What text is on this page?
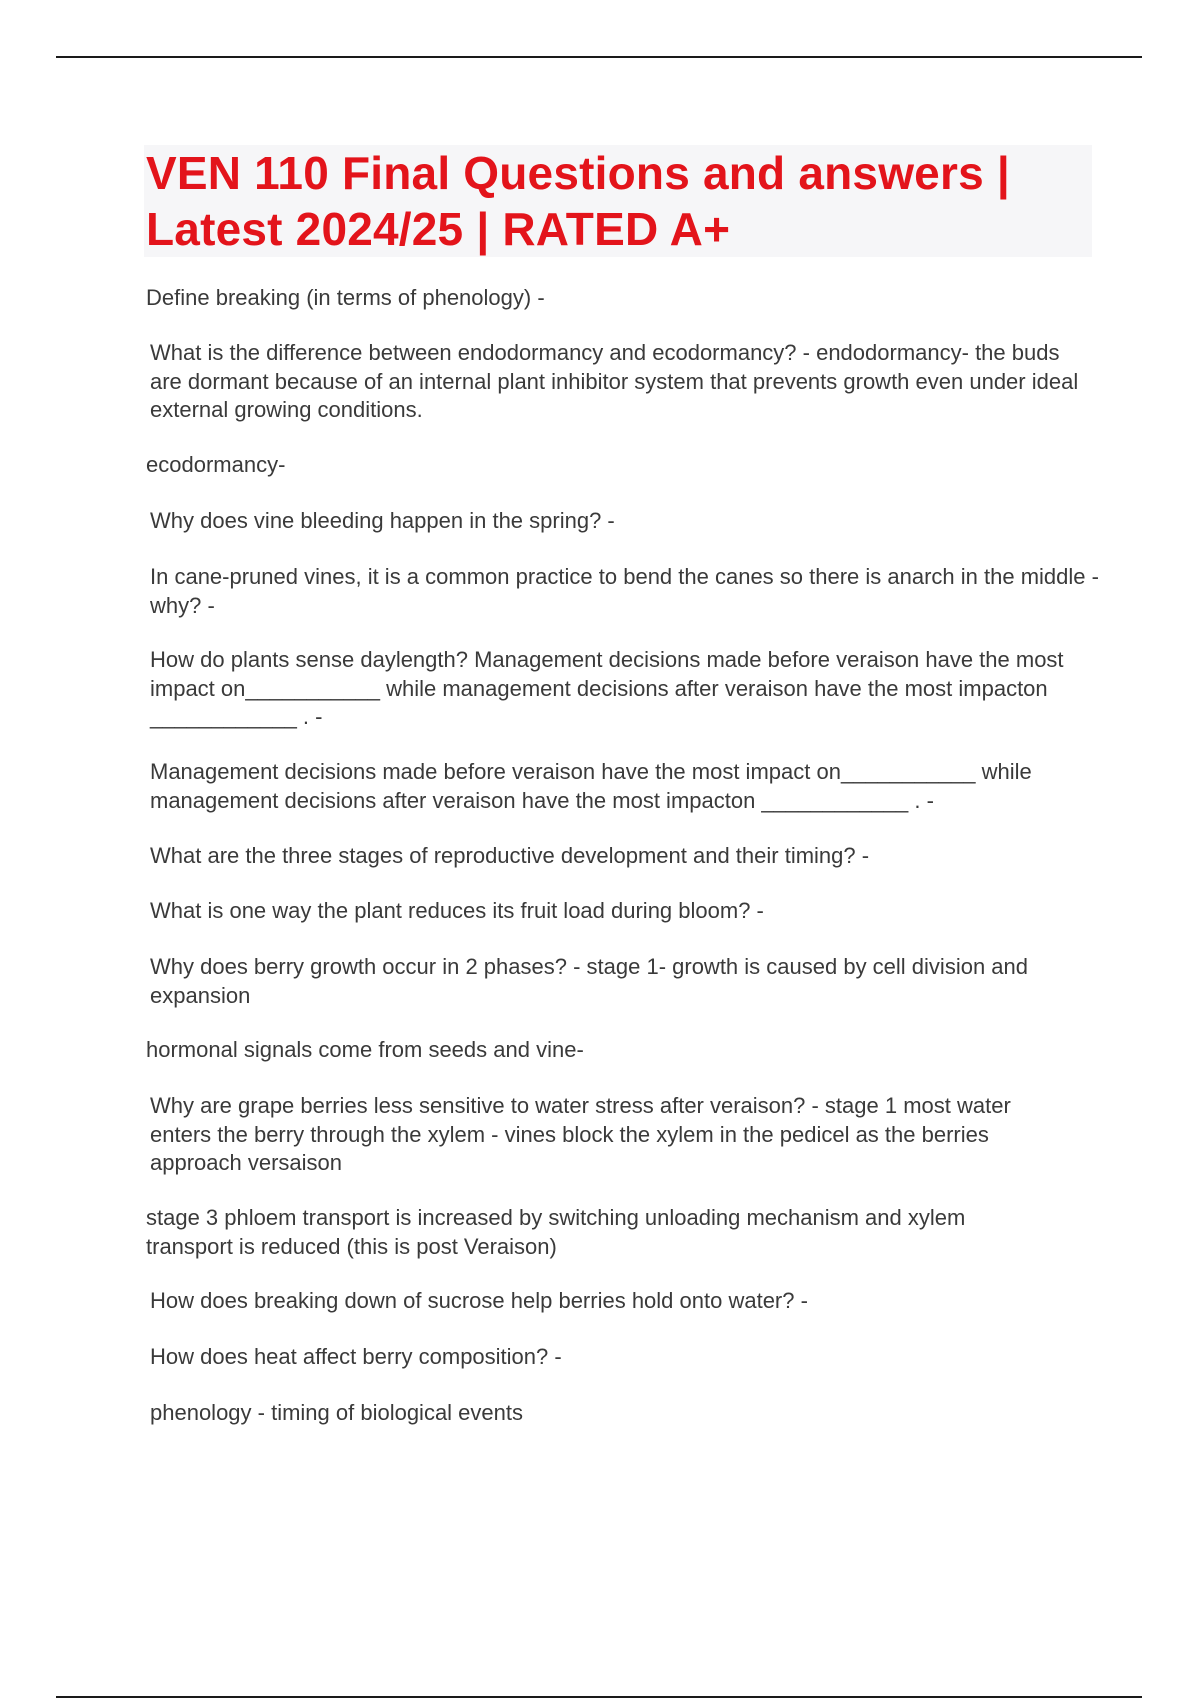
VEN 110 Final Questions and answers | Latest 2024/25 | RATED A+

Define breaking (in terms of phenology) -

What is the difference between endodormancy and ecodormancy? - endodormancy- the buds are dormant because of an internal plant inhibitor system that prevents growth even under ideal external growing conditions.

ecodormancy-

Why does vine bleeding happen in the spring? -

In cane-pruned vines, it is a common practice to bend the canes so there is anarch in the middle - why? -

How do plants sense daylength? Management decisions made before veraison have the most impact on___________ while management decisions after veraison have the most impacton ____________ . -

Management decisions made before veraison have the most impact on___________ while management decisions after veraison have the most impacton ____________ . -

What are the three stages of reproductive development and their timing? -

What is one way the plant reduces its fruit load during bloom? -

Why does berry growth occur in 2 phases? - stage 1- growth is caused by cell division and expansion

hormonal signals come from seeds and vine-

Why are grape berries less sensitive to water stress after veraison? - stage 1 most water enters the berry through the xylem - vines block the xylem in the pedicel as the berries approach versaison

stage 3 phloem transport is increased by switching unloading mechanism and xylem transport is reduced (this is post Veraison)

How does breaking down of sucrose help berries hold onto water? -

How does heat affect berry composition? -

phenology - timing of biological events
